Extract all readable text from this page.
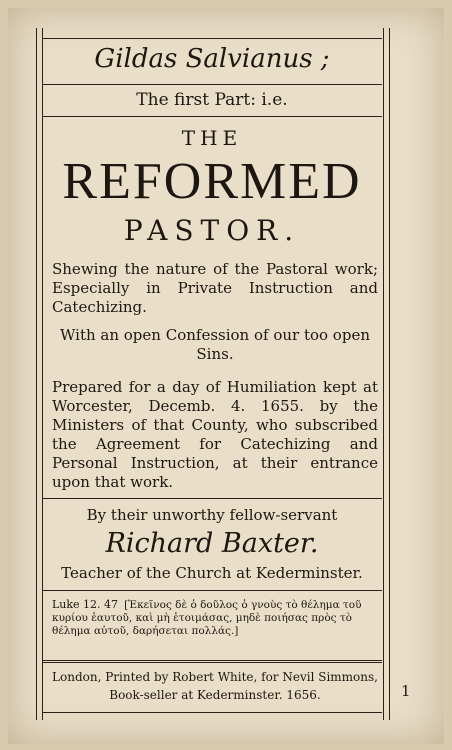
Gildas Salvianus ;
The first Part: i.e.
THE
REFORMED
PASTOR.
Shewing the nature of the Pastoral work; Especially in Private Instruction and Catechizing.
With an open Confession of our too open Sins.
Prepared for a day of Humiliation kept at Worcester, Decemb. 4. 1655. by the Ministers of that County, who subscribed the Agreement for Catechizing and Personal Instruction, at their entrance upon that work.
By their unworthy fellow-servant
Richard Baxter.
Teacher of the Church at Kederminster.
Luke 12. 47 [Ἐκεῖνος δὲ ὁ δοῦλος ὁ γνοὺς τὸ θέλημα τοῦ κυρίου ἑαυτοῦ, καὶ μὴ ἑτοιμάσας, μηδὲ ποιήσας πρὸς τὸ θέλημα αὐτοῦ, δαρήσεται πολλάς.]
London, Printed by Robert White, for Nevil Simmons,
Book-seller at Kederminster. 1656.	1
